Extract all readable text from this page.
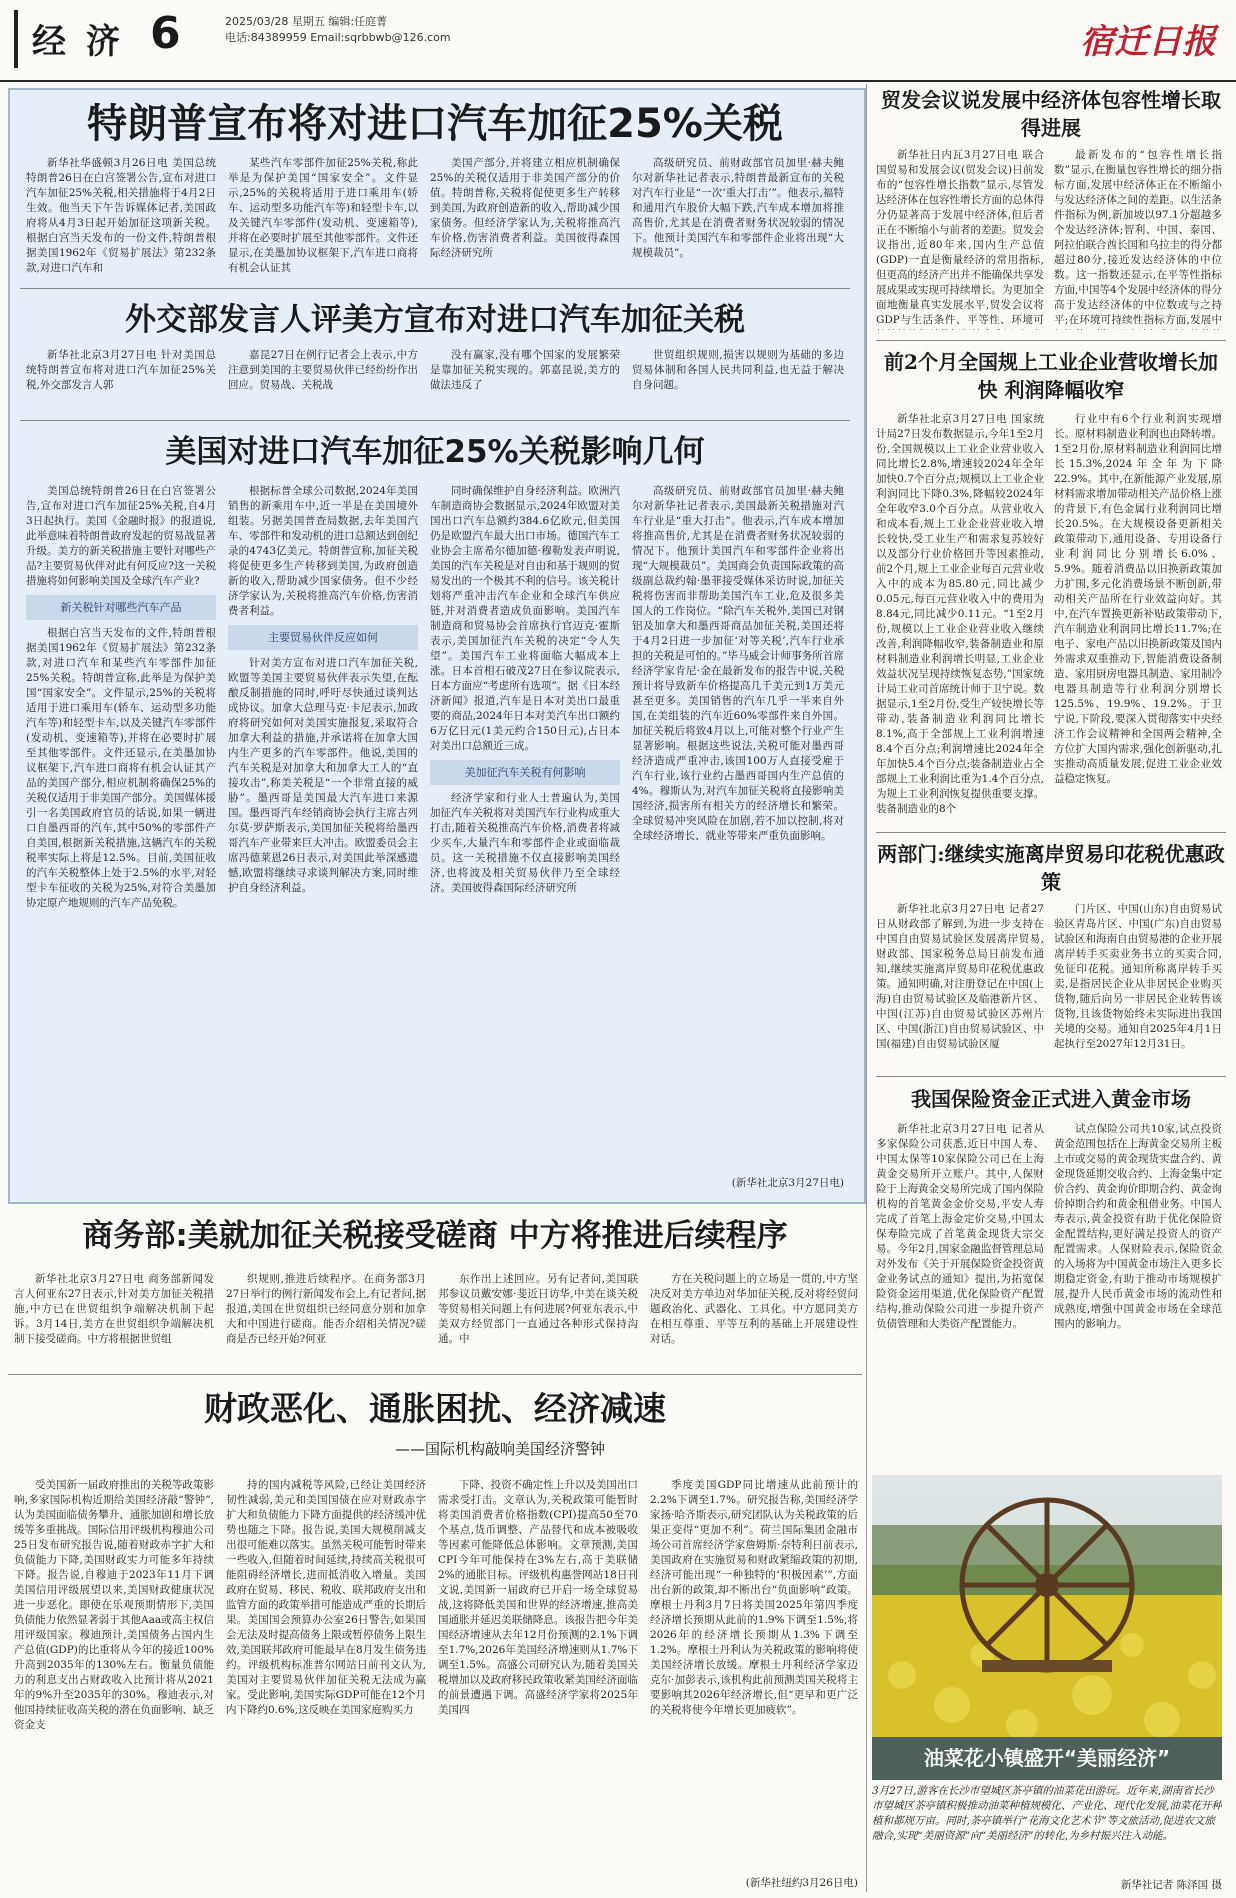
经 济 6	2025/03/28 星期五 编辑:任庭菁
电话:84389959 Email:sqrbbwb@126.com	宿迁日报
特朗普宣布将对进口汽车加征25%关税

新华社华盛顿3月26日电 美国总统特朗普26日在白宫签署公告,宣布对进口汽车加征25%关税,相关措施将于4月2日生效。他当天下午告诉媒体记者,美国政府将从4月3日起开始加征这项新关税。根据白宫当天发布的一份文件,特朗普根据美国1962年《贸易扩展法》第232条款,对进口汽车和

某些汽车零部件加征25%关税,称此举是为保护美国“国家安全”。文件显示,25%的关税将适用于进口乘用车(轿车、运动型多功能汽车等)和轻型卡车,以及关键汽车零部件(发动机、变速箱等),并将在必要时扩展至其他零部件。文件还显示,在美墨加协议框架下,汽车进口商将有机会认证其

美国产部分,并将建立相应机制确保25%的关税仅适用于非美国产部分的价值。特朗普称,关税将促使更多生产转移到美国,为政府创造新的收入,帮助减少国家债务。但经济学家认为,关税将推高汽车价格,伤害消费者利益。美国彼得森国际经济研究所

高级研究员、前财政部官员加里·赫夫鲍尔对新华社记者表示,特朗普最新宣布的关税对汽车行业是“一次‘重大打击’”。他表示,福特和通用汽车股价大幅下跌,汽车成本增加将推高售价,尤其是在消费者财务状况较弱的情况下。他预计美国汽车和零部件企业将出现“大规模裁员”。

外交部发言人评美方宣布对进口汽车加征关税

新华社北京3月27日电 针对美国总统特朗普宣布将对进口汽车加征25%关税,外交部发言人郭

嘉昆27日在例行记者会上表示,中方注意到美国的主要贸易伙伴已经纷纷作出回应。贸易战、关税战

没有赢家,没有哪个国家的发展繁荣是靠加征关税实现的。郭嘉昆说,美方的做法违反了

世贸组织规则,损害以规则为基础的多边贸易体制和各国人民共同利益,也无益于解决自身问题。

美国对进口汽车加征25%关税影响几何

美国总统特朗普26日在白宫签署公告,宣布对进口汽车加征25%关税,自4月3日起执行。美国《金融时报》的报道说,此举意味着特朗普政府发起的贸易战显著升级。美方的新关税措施主要针对哪些产品?主要贸易伙伴对此有何反应?这一关税措施将如何影响美国及全球汽车产业?

新关税针对哪些汽车产品

根据白宫当天发布的文件,特朗普根据美国1962年《贸易扩展法》第232条款,对进口汽车和某些汽车零部件加征25%关税。特朗普宣称,此举是为保护美国“国家安全”。文件显示,25%的关税将适用于进口乘用车(轿车、运动型多功能汽车等)和轻型卡车,以及关键汽车零部件(发动机、变速箱等),并将在必要时扩展至其他零部件。文件还显示,在美墨加协议框架下,汽车进口商将有机会认证其产品的美国产部分,相应机制将确保25%的关税仅适用于非美国产部分。美国媒体援引一名美国政府官员的话说,如果一辆进口自墨西哥的汽车,其中50%的零部件产自美国,根据新关税措施,这辆汽车的关税税率实际上将是12.5%。目前,美国征收的汽车关税整体上处于2.5%的水平,对轻型卡车征收的关税为25%,对符合美墨加协定原产地规则的汽车产品免税。

根据标普全球公司数据,2024年美国销售的新乘用车中,近一半是在美国境外组装。另据美国普查局数据,去年美国汽车、零部件和发动机的进口总额达到创纪录的4743亿美元。特朗普宣称,加征关税将促使更多生产转移到美国,为政府创造新的收入,帮助减少国家债务。但不少经济学家认为,关税将推高汽车价格,伤害消费者利益。

主要贸易伙伴反应如何

针对美方宣布对进口汽车加征关税,欧盟等美国主要贸易伙伴表示失望,在酝酿反制措施的同时,呼吁尽快通过谈判达成协议。加拿大总理马克·卡尼表示,加政府将研究如何对美国实施报复,采取符合加拿大利益的措施,并承诺将在加拿大国内生产更多的汽车零部件。他说,美国的汽车关税是对加拿大和加拿大工人的“直接攻击”,称美关税是“一个非常直接的威胁”。墨西哥是美国最大汽车进口来源国。墨西哥汽车经销商协会执行主席古列尔莫·罗萨斯表示,美国加征关税将给墨西哥汽车产业带来巨大冲击。欧盟委员会主席冯德莱恩26日表示,对美国此举深感遗憾,欧盟将继续寻求谈判解决方案,同时维护自身经济利益。

同时确保维护自身经济利益。欧洲汽车制造商协会数据显示,2024年欧盟对美国出口汽车总额约384.6亿欧元,但美国仍是欧盟汽车最大出口市场。德国汽车工业协会主席希尔德加德·穆勒发表声明说,美国的汽车关税是对自由和基于规则的贸易发出的一个极其不利的信号。该关税计划将严重冲击汽车企业和全球汽车供应链,并对消费者造成负面影响。美国汽车制造商和贸易协会首席执行官迈克·霍斯表示,美国加征汽车关税的决定“令人失望”。美国汽车工业将面临大幅成本上涨。日本首相石破茂27日在参议院表示,日本方面应“考虑所有选项”。据《日本经济新闻》报道,汽车是日本对美出口最重要的商品,2024年日本对美汽车出口额约6万亿日元(1美元约合150日元),占日本对美出口总额近三成。

美加征汽车关税有何影响

经济学家和行业人士普遍认为,美国加征汽车关税将对美国汽车行业构成重大打击,随着关税推高汽车价格,消费者将减少买车,大量汽车和零部件企业或面临裁员。这一关税措施不仅直接影响美国经济,也将波及相关贸易伙伴乃至全球经济。美国彼得森国际经济研究所

高级研究员、前财政部官员加里·赫夫鲍尔对新华社记者表示,美国最新关税措施对汽车行业是“重大打击”。他表示,汽车成本增加将推高售价,尤其是在消费者财务状况较弱的情况下。他预计美国汽车和零部件企业将出现“大规模裁员”。美国商会负责国际政策的高级副总裁约翰·墨菲接受媒体采访时说,加征关税将伤害而非帮助美国汽车工业,危及很多美国人的工作岗位。“除汽车关税外,美国已对钢铝及加拿大和墨西哥商品加征关税,美国还将于4月2日进一步加征‘对等关税’,汽车行业承担的关税是可怕的。”毕马威会计师事务所首席经济学家肯尼·金在最新发布的报告中说,关税预计将导致新车价格提高几千美元到1万美元甚至更多。美国销售的汽车几乎一半来自外国,在美组装的汽车近60%零部件来自外国。加征关税后将致4月以上,可能对整个行业产生显著影响。根据这些说法,关税可能对墨西哥经济造成严重冲击,该国100万人直接受雇于汽车行业,该行业约占墨西哥国内生产总值的4%。穆斯认为,对汽车加征关税将直接影响美国经济,损害所有相关方的经济增长和繁荣。全球贸易冲突风险在加剧,若不加以控制,将对全球经济增长、就业等带来严重负面影响。

(新华社北京3月27日电)
商务部:美就加征关税接受磋商 中方将推进后续程序

新华社北京3月27日电 商务部新闻发言人何亚东27日表示,针对美方加征关税措施,中方已在世贸组织争端解决机制下起诉。3月14日,美方在世贸组织争端解决机制下接受磋商。中方将根据世贸组

织规则,推进后续程序。在商务部3月27日举行的例行新闻发布会上,有记者问,据报道,美国在世贸组织已经同意分别和加拿大和中国进行磋商。能否介绍相关情况?磋商是否已经开始?何亚

东作出上述回应。另有记者问,美国联邦参议员戴安娜·斐近日访华,中美在谈关税等贸易相关问题上有何进展?何亚东表示,中美双方经贸部门一直通过各种形式保持沟通。中

方在关税问题上的立场是一贯的,中方坚决反对美方单边对华加征关税,反对将经贸问题政治化、武器化、工具化。中方愿同美方在相互尊重、平等互利的基础上开展建设性对话。

财政恶化、通胀困扰、经济减速
——国际机构敲响美国经济警钟

受美国新一届政府推出的关税等政策影响,多家国际机构近期给美国经济敲“警钟”,认为美国面临债务攀升、通胀加剧和增长放缓等多重挑战。国际信用评级机构穆迪公司25日发布研究报告说,随着财政赤字扩大和负债能力下降,美国财政实力可能多年持续下降。报告说,自穆迪于2023年11月下调美国信用评级展望以来,美国财政健康状况进一步恶化。即使在乐观预期情形下,美国负债能力依然显著弱于其他Aaa或高主权信用评级国家。穆迪预计,美国债务占国内生产总值(GDP)的比重将从今年的接近100%升高到2035年的130%左右。衡量负债能力的利息支出占财政收入比预计将从2021年的9%升至2035年的30%。穆迪表示,对他国持续征收高关税的潜在负面影响、缺乏资金支

持的国内减税等风险,已经让美国经济韧性减弱,美元和美国国债在应对财政赤字扩大和负债能力下降方面提供的经济缓冲优势也随之下降。报告说,美国大规模削减支出很可能难以落实。虽然关税可能暂时带来一些收入,但随着时间延续,持续高关税很可能阻碍经济增长,进而抵消收入增量。美国政府在贸易、移民、税收、联邦政府支出和监管方面的政策举措可能造成严重的长期后果。美国国会预算办公室26日警告,如果国会无法及时提高债务上限或暂停债务上限生效,美国联邦政府可能最早在8月发生债务违约。评级机构标准普尔网站日前刊文认为,美国对主要贸易伙伴加征关税无法成为赢家。受此影响,美国实际GDP可能在12个月内下降约0.6%,这反映在美国家庭购买力

下降、投资不确定性上升以及美国出口需求受打击。文章认为,关税政策可能暂时将美国消费者价格指数(CPI)提高50至70个基点,货币调整、产品替代和成本被吸收等因素可能降低总体影响。文章预测,美国CPI今年可能保持在3%左右,高于美联储2%的通胀目标。评级机构惠誉网站18日刊文说,美国新一届政府已开启一场全球贸易战,这将降低美国和世界的经济增速,推高美国通胀并延迟美联储降息。该报告把今年美国经济增速从去年12月份预测的2.1%下调至1.7%,2026年美国经济增速则从1.7%下调至1.5%。高盛公司研究认为,随着美国关税增加以及政府移民政策收紧美国经济面临的前景遭遇下调。高盛经济学家将2025年美国四

季度美国GDP同比增速从此前预计的2.2%下调至1.7%。研究报告称,美国经济学家扬·哈齐斯表示,研究团队认为关税政策的后果正变得“更加不利”。荷兰国际集团金融市场公司首席经济学家詹姆斯·奈特利日前表示,美国政府在实施贸易和财政紧缩政策的初期,经济可能出现“一种独特的‘积极因素’”,方面出台新的政策,却不断出台“负面影响”政策。摩根士丹利3月7日将美国2025年第四季度经济增长预期从此前的1.9%下调至1.5%,将2026年的经济增长预期从1.3%下调至1.2%。摩根士丹利认为关税政策的影响将使美国经济增长放缓。摩根士丹利经济学家迈克尔·加彭表示,该机构此前预测美国关税将主要影响其2026年经济增长,但“更早和更广泛的关税将使今年增长更加疲软”。

(新华社纽约3月26日电)
贸发会议说发展中经济体包容性增长取得进展

新华社日内瓦3月27日电 联合国贸易和发展会议(贸发会议)日前发布的“包容性增长指数”显示,尽管发达经济体在包容性增长方面的总体得分仍显著高于发展中经济体,但后者正在不断缩小与前者的差距。贸发会议指出,近80年来,国内生产总值(GDP)一直是衡量经济的常用指标,但更高的经济产出并不能确保共享发展成果或实现可持续增长。为更加全面地衡量真实发展水平,贸发会议将GDP与生活条件、平等性、环境可

最新发布的“包容性增长指数”显示,在衡量包容性增长的细分指标方面,发展中经济体正在不断缩小与发达经济体之间的差距。以生活条件指标为例,新加坡以97.1分超越多个发达经济体;智利、中国、泰国、阿拉伯联合酋长国和乌拉圭的得分都超过80分,接近发达经济体的中位数。这一指数还显示,在平等性指标方面,中国等4个发展中经济体的得分高于发达经济体的中位数或与之持平;在环境可持续性指标方面,发展中

前2个月全国规上工业企业营收增长加快 利润降幅收窄

新华社北京3月27日电 国家统计局27日发布数据显示,今年1至2月份,全国规模以上工业企业营业收入同比增长2.8%,增速较2024年全年加快0.7个百分点;规模以上工业企业利润同比下降0.3%,降幅较2024年全年收窄3.0个百分点。从营业收入和成本看,规上工业企业营业收入增长较快,受工业生产和需求复苏较好以及部分行业价格回升等因素推动,前2个月,规上工业企业每百元营业收入中的成本为85.80元,同比减少0.05元,每百元营业收入中的费用为8.84元,同比减少0.11元。“1至2月份,规模以上工业企业营业收入继续改善,利润降幅收窄,装备制造业和原材料制造业利润增长明显,工业企业效益状况呈现持续恢复态势,”国家统计局工业司首席统计师于卫宁说。数据显示,1至2月份,受生产较快增长等带动,装备制造业利润同比增长8.1%,高于全部规上工业利润增速8.4个百分点;利润增速比2024年全年加快5.4个百分点;装备制造业占全部规上工业利润比重为1.4个百分点,为规上工业利润恢复提供重要支撑。装备制造业的8个

行业中有6个行业利润实现增长。原材料制造业利润也由降转增。1至2月份,原材料制造业利润同比增长15.3%,2024年全年为下降22.9%。其中,在新能源产业发展,原材料需求增加带动相关产品价格上涨的背景下,有色金属行业利润同比增长20.5%。在大规模设备更新相关政策带动下,通用设备、专用设备行业利润同比分别增长6.0%、5.9%。随着消费品以旧换新政策加力扩围,多元化消费场景不断创新,带动相关产品所在行业效益向好。其中,在汽车置换更新补贴政策带动下,汽车制造业利润同比增长11.7%;在电子、家电产品以旧换新政策及国内外需求双重推动下,智能消费设备制造、家用厨房电器具制造、家用制冷电器具制造等行业利润分别增长125.5%、19.9%、19.2%。于卫宁说,下阶段,要深入贯彻落实中央经济工作会议精神和全国两会精神,全方位扩大国内需求,强化创新驱动,扎实推动高质量发展,促进工业企业效益稳定恢复。

两部门:继续实施离岸贸易印花税优惠政策

新华社北京3月27日电 记者27日从财政部了解到,为进一步支持在中国自由贸易试验区发展离岸贸易,财政部、国家税务总局日前发布通知,继续实施离岸贸易印花税优惠政策。通知明确,对注册登记在中国(上海)自由贸易试验区及临港新片区、中国(江苏)自由贸易试验区苏州片区、中国(浙江)自由贸易试验区、中国(福建)自由贸易试验区厦

门片区、中国(山东)自由贸易试验区青岛片区、中国(广东)自由贸易试验区和海南自由贸易港的企业开展离岸转手买卖业务书立的买卖合同,免征印花税。通知所称离岸转手买卖,是指居民企业从非居民企业购买货物,随后向另一非居民企业转售该货物,且该货物始终未实际进出我国关境的交易。通知自2025年4月1日起执行至2027年12月31日。

我国保险资金正式进入黄金市场

新华社北京3月27日电 记者从多家保险公司获悉,近日中国人寿、中国太保等10家保险公司已在上海黄金交易所开立账户。其中,人保财险于上海黄金交易所完成了国内保险机构的首笔黄金金价交易,平安人寿完成了首笔上海金定价交易,中国太保寿险完成了首笔黄金现货大宗交易。今年2月,国家金融监督管理总局对外发布《关于开展保险资金投资黄金业务试点的通知》提出,为拓宽保险资金运用渠道,优化保险资产配置结构,推动保险公司进一步提升资产负债管理和大类资产配置能力。

试点保险公司共10家,试点投资黄金范围包括在上海黄金交易所主板上市或交易的黄金现货实盘合约、黄金现货延期交收合约、上海金集中定价合约、黄金询价即期合约、黄金询价掉期合约和黄金租借业务。中国人寿表示,黄金投资有助于优化保险资金配置结构,更好满足投资人的资产配置需求。人保财险表示,保险资金的入场将为中国黄金市场注入更多长期稳定资金,有助于推动市场规模扩展,提升人民币黄金市场的流动性和成熟度,增强中国黄金市场在全球范围内的影响力。

油菜花小镇盛开“美丽经济”
3月27日,游客在长沙市望城区茶亭镇的油菜花田游玩。近年来,湖南省长沙市望城区茶亭镇积极推动油菜种植规模化、产业化、现代化发展,油菜花开种植和都规万亩。同时,茶亭镇举行“花海文化艺术节”等文旅活动,促进农文旅融合,实现“美丽资源”向“美丽经济”的转化,为乡村振兴注入动能。
新华社记者 陈泽国 摄
